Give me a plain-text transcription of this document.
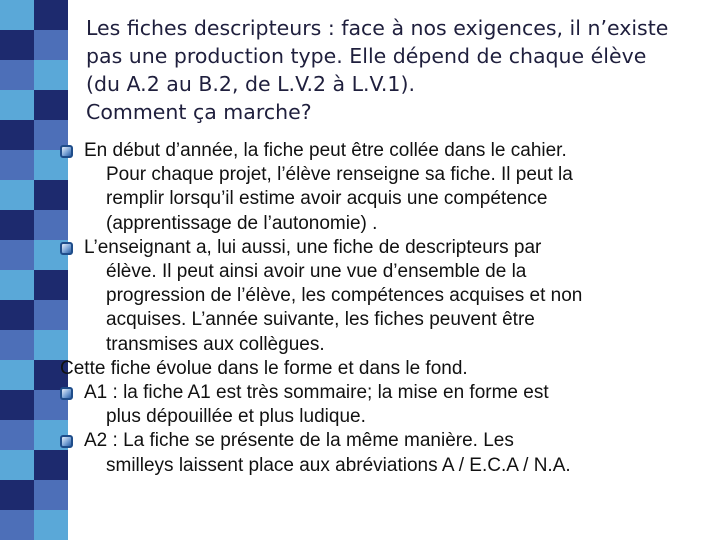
Les fiches descripteurs : face à nos exigences, il n’existe
pas une production type. Elle dépend de chaque élève
(du A.2 au B.2, de L.V.2 à L.V.1).
Comment ça marche?
En début d’année, la fiche peut être collée dans le cahier.
Pour chaque projet, l’élève renseigne sa fiche. Il peut la
remplir lorsqu’il estime avoir acquis une compétence
(apprentissage de l’autonomie) .
L’enseignant a, lui aussi, une fiche de descripteurs par
élève. Il peut ainsi avoir une vue d’ensemble de la
progression de l’élève, les compétences acquises et non
acquises. L’année suivante, les fiches peuvent être
transmises aux collègues.
Cette fiche évolue dans le forme et dans le fond.
A1 : la fiche A1 est très sommaire; la mise en forme est
plus dépouillée et plus ludique.
A2 : La fiche se présente de la même manière. Les
smilleys laissent place aux abréviations A / E.C.A / N.A.
